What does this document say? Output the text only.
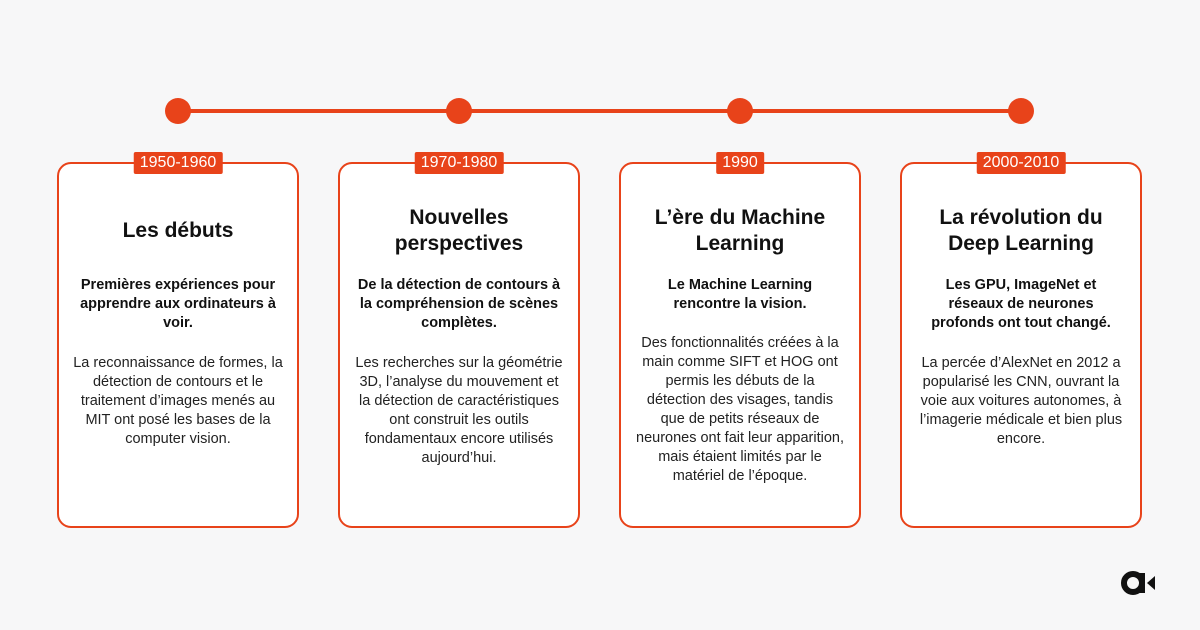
Les débuts
Premières expériences pour apprendre aux ordinateurs à voir.
La reconnaissance de formes, la détection de contours et le traitement d’images menés au MIT ont posé les bases de la computer vision.
1950-1960
Nouvelles perspectives
De la détection de contours à la compréhension de scènes complètes.
Les recherches sur la géométrie 3D, l’analyse du mouvement et la détection de caractéristiques ont construit les outils fondamentaux encore utilisés aujourd’hui.
1970-1980
L’ère du Machine Learning
Le Machine Learning rencontre la vision.
Des fonctionnalités créées à la main comme SIFT et HOG ont permis les débuts de la détection des visages, tandis que de petits réseaux de neurones ont fait leur apparition, mais étaient limités par le matériel de l’époque.
1990
La révolution du Deep Learning
Les GPU, ImageNet et réseaux de neurones profonds ont tout changé.
La percée d’AlexNet en 2012 a popularisé les CNN, ouvrant la voie aux voitures autonomes, à l’imagerie médicale et bien plus encore.
2000-2010
